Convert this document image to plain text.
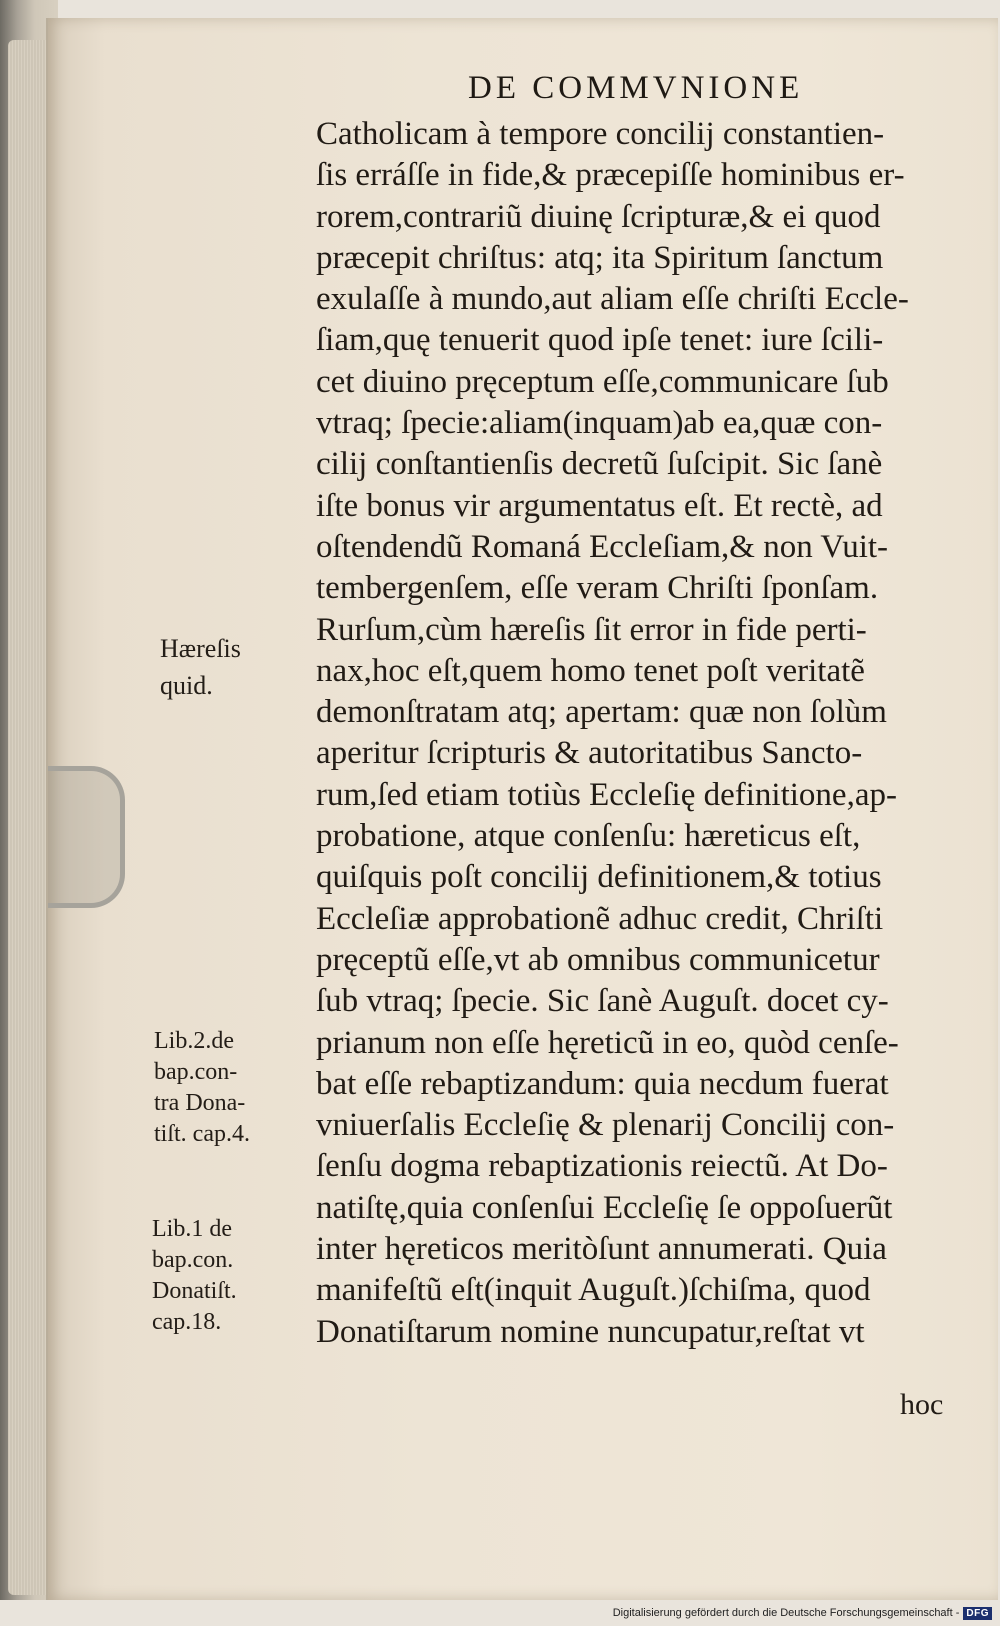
DE COMMVNIONE
Catholicam à tempore concilij constantien-
ſis erráſſe in fide,& præcepiſſe hominibus er-
rorem,contrariũ diuinę ſcripturæ,& ei quod
præcepit chriſtus: atq; ita Spiritum ſanctum
exulaſſe à mundo,aut aliam eſſe chriſti Eccle-
ſiam,quę tenuerit quod ipſe tenet: iure ſcili-
cet diuino pręceptum eſſe,communicare ſub
vtraq; ſpecie:aliam(inquam)ab ea,quæ con-
cilij conſtantienſis decretũ ſuſcipit. Sic ſanè
iſte bonus vir argumentatus eſt. Et rectè, ad
oſtendendũ Romaná Eccleſiam,& non Vuit-
tembergenſem, eſſe veram Chriſti ſponſam.
Rurſum,cùm hæreſis ſit error in fide perti-
nax,hoc eſt,quem homo tenet poſt veritatẽ
demonſtratam atq; apertam: quæ non ſolùm
aperitur ſcripturis & autoritatibus Sancto-
rum,ſed etiam totiùs Eccleſię definitione,ap-
probatione, atque conſenſu: hæreticus eſt,
quiſquis poſt concilij definitionem,& totius
Eccleſiæ approbationẽ adhuc credit, Chriſti
pręceptũ eſſe,vt ab omnibus communicetur
ſub vtraq; ſpecie. Sic ſanè Auguſt. docet cy-
prianum non eſſe hęreticũ in eo, quòd cenſe-
bat eſſe rebaptizandum: quia necdum fuerat
vniuerſalis Eccleſię & plenarij Concilij con-
ſenſu dogma rebaptizationis reiectũ. At Do-
natiſtę,quia conſenſui Eccleſię ſe oppoſuerũt
inter hęreticos meritòſunt annumerati. Quia
manifeſtũ eſt(inquit Auguſt.)ſchiſma, quod
Donatiſtarum nomine nuncupatur,reſtat vt
Hæreſis
quid.
Lib.2.de
bap.con-
tra Dona-
tiſt. cap.4.
Lib.1 de
bap.con.
Donatiſt.
cap.18.
hoc
Digitalisierung gefördert durch die Deutsche Forschungsgemeinschaft - DFG
